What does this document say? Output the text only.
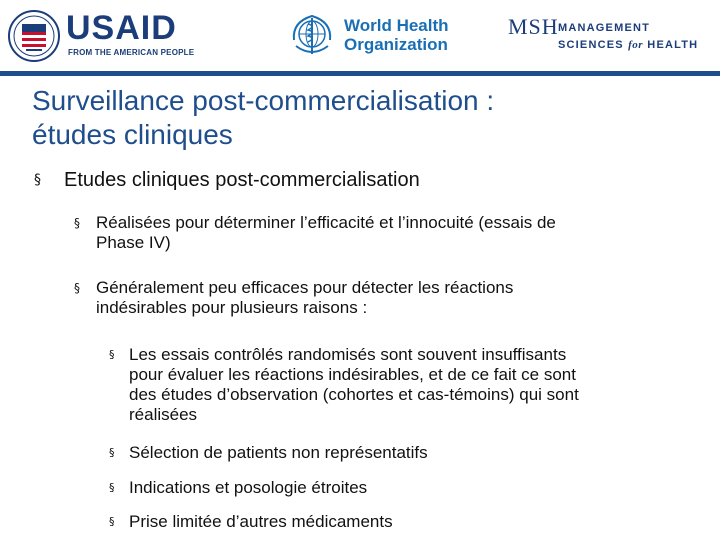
USAID
FROM THE AMERICAN PEOPLE
World Health
Organization
MSH MANAGEMENT
SCIENCES for HEALTH
Surveillance post-commercialisation :
études cliniques
§	Etudes cliniques post-commercialisation
§ Réalisées pour déterminer l’efficacité et l’innocuité (essais de
Phase IV)
§ Généralement peu efficaces pour détecter les réactions
indésirables pour plusieurs raisons :
§ Les essais contrôlés randomisés sont souvent insuffisants
pour évaluer les réactions indésirables, et de ce fait ce sont
des études d’observation (cohortes et cas-témoins) qui sont
réalisées
§ Sélection de patients non représentatifs
§ Indications et posologie étroites
§ Prise limitée d’autres médicaments
